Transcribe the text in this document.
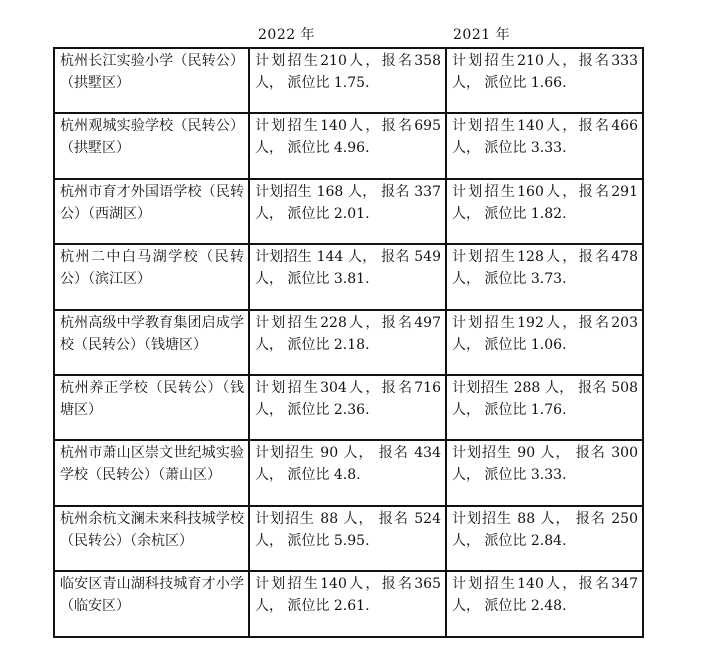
2022 年	2021 年
杭州长江实验小学（民转公）（拱墅区）	计划招生210人，报名358人， 派位比 1.75.	计划招生210人，报名333人， 派位比 1.66.
杭州观城实验学校（民转公）（拱墅区）	计划招生140人，报名695人， 派位比 4.96.	计划招生140人，报名466人， 派位比 3.33.
杭州市育才外国语学校（民转公）（西湖区）	计划招生 168 人， 报名 337 人， 派位比 2.01.	计划招生160人，报名291人， 派位比 1.82.
杭州二中白马湖学校（民转公）（滨江区）	计划招生 144 人， 报名 549 人， 派位比 3.81.	计划招生128人，报名478人， 派位比 3.73.
杭州高级中学教育集团启成学校（民转公）（钱塘区）	计划招生228人，报名497人， 派位比 2.18.	计划招生192人，报名203人， 派位比 1.06.
杭州养正学校（民转公）（钱塘区）	计划招生304人，报名716人， 派位比 2.36.	计划招生 288 人， 报名 508 人， 派位比 1.76.
杭州市萧山区崇文世纪城实验学校（民转公）（萧山区）	计划招生 90 人， 报名 434 人， 派位比 4.8.	计划招生 90 人， 报名 300 人， 派位比 3.33.
杭州余杭文澜未来科技城学校（民转公）（余杭区）	计划招生 88 人， 报名 524 人， 派位比 5.95.	计划招生 88 人， 报名 250 人， 派位比 2.84.
临安区青山湖科技城育才小学（临安区）	计划招生140人，报名365人， 派位比 2.61.	计划招生140人，报名347人， 派位比 2.48.
